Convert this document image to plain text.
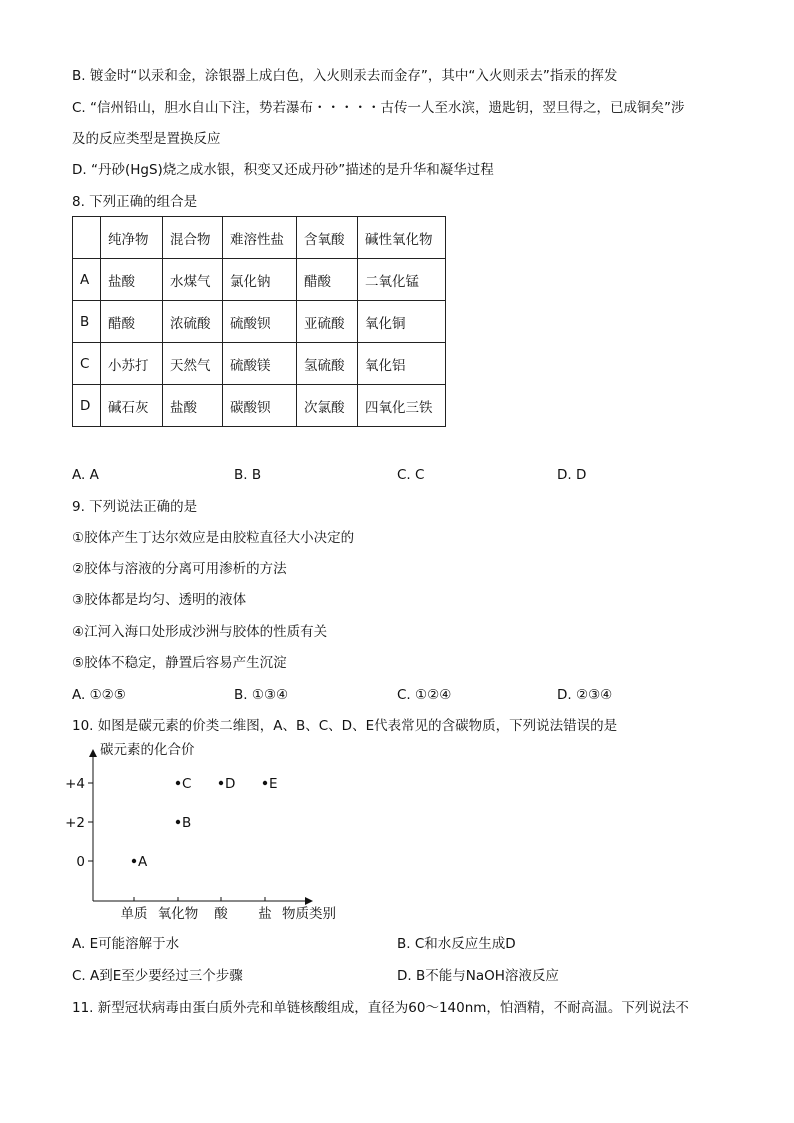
B. 镀金时“以汞和金，涂银器上成白色，入火则汞去而金存”，其中“入火则汞去”指汞的挥发
C. “信州铅山，胆水自山下注，势若瀑布・・・・・古传一人至水滨，遗匙钥，翌旦得之，已成铜矣”涉
及的反应类型是置换反应
D. “丹砂(HgS)烧之成水银，积变又还成丹砂”描述的是升华和凝华过程
8. 下列正确的组合是
	纯净物	混合物	难溶性盐	含氧酸	碱性氧化物
A	盐酸	水煤气	氯化钠	醋酸	二氧化锰
B	醋酸	浓硫酸	硫酸钡	亚硫酸	氧化铜
C	小苏打	天然气	硫酸镁	氢硫酸	氧化铝
D	碱石灰	盐酸	碳酸钡	次氯酸	四氧化三铁
A. A	B. B	C. C	D. D
9. 下列说法正确的是
①胶体产生丁达尔效应是由胶粒直径大小决定的
②胶体与溶液的分离可用渗析的方法
③胶体都是均匀、透明的液体
④江河入海口处形成沙洲与胶体的性质有关
⑤胶体不稳定，静置后容易产生沉淀
A. ①②⑤	B. ①③④	C. ①②④	D. ②③④
10. 如图是碳元素的价类二维图，A、B、C、D、E代表常见的含碳物质，下列说法错误的是
碳元素的化合价
物质类别
+4
+2
0
单质 氧化物 酸 盐
A
B
C D E
A. E可能溶解于水	B. C和水反应生成D
C. A到E至少要经过三个步骤	D. B不能与NaOH溶液反应
11. 新型冠状病毒由蛋白质外壳和单链核酸组成，直径为60～140nm，怕酒精，不耐高温。下列说法不
